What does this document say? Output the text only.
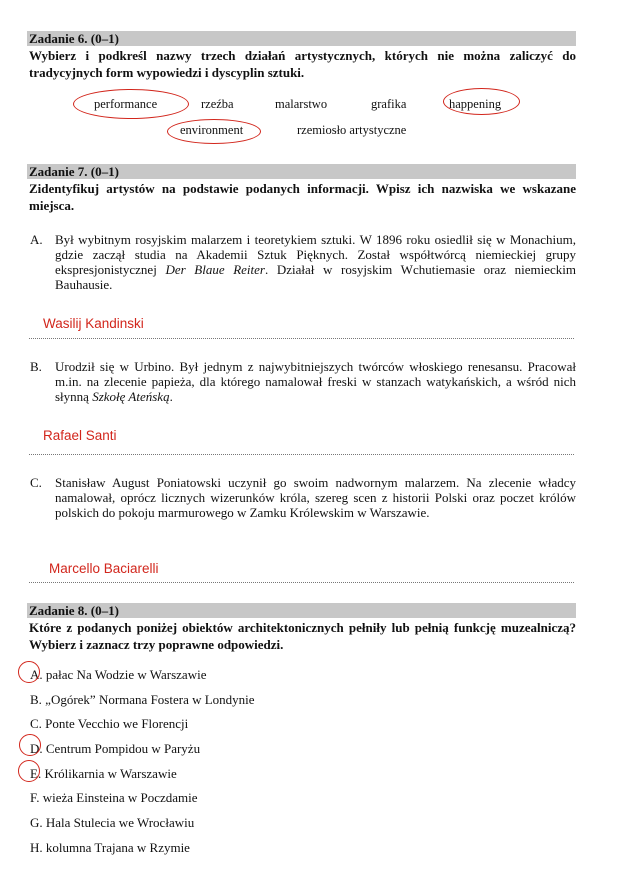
Zadanie 6. (0–1)
Wybierz i podkreśl nazwy trzech działań artystycznych, których nie można zaliczyć do tradycyjnych form wypowiedzi i dyscyplin sztuki.
performance	rzeźba	malarstwo	grafika	happening
environment	rzemiosło artystyczne
Zadanie 7. (0–1)
Zidentyfikuj artystów na podstawie podanych informacji. Wpisz ich nazwiska we wskazane miejsca.
A. Był wybitnym rosyjskim malarzem i teoretykiem sztuki. W 1896 roku osiedlił się w Monachium, gdzie zaczął studia na Akademii Sztuk Pięknych. Został współtwórcą niemieckiej grupy ekspresjonistycznej Der Blaue Reiter. Działał w rosyjskim Wchutiemasie oraz niemieckim Bauhausie.
Wasilij Kandinski
B. Urodził się w Urbino. Był jednym z najwybitniejszych twórców włoskiego renesansu. Pracował m.in. na zlecenie papieża, dla którego namalował freski w stanzach watykańskich, a wśród nich słynną Szkołę Ateńską.
Rafael Santi
C. Stanisław August Poniatowski uczynił go swoim nadwornym malarzem. Na zlecenie władcy namalował, oprócz licznych wizerunków króla, szereg scen z historii Polski oraz poczet królów polskich do pokoju marmurowego w Zamku Królewskim w Warszawie.
Marcello Baciarelli
Zadanie 8. (0–1)
Które z podanych poniżej obiektów architektonicznych pełniły lub pełnią funkcję muzealniczą? Wybierz i zaznacz trzy poprawne odpowiedzi.
A. pałac Na Wodzie w Warszawie
B. „Ogórek” Normana Fostera w Londynie
C. Ponte Vecchio we Florencji
D. Centrum Pompidou w Paryżu
E. Królikarnia w Warszawie
F. wieża Einsteina w Poczdamie
G. Hala Stulecia we Wrocławiu
H. kolumna Trajana w Rzymie
